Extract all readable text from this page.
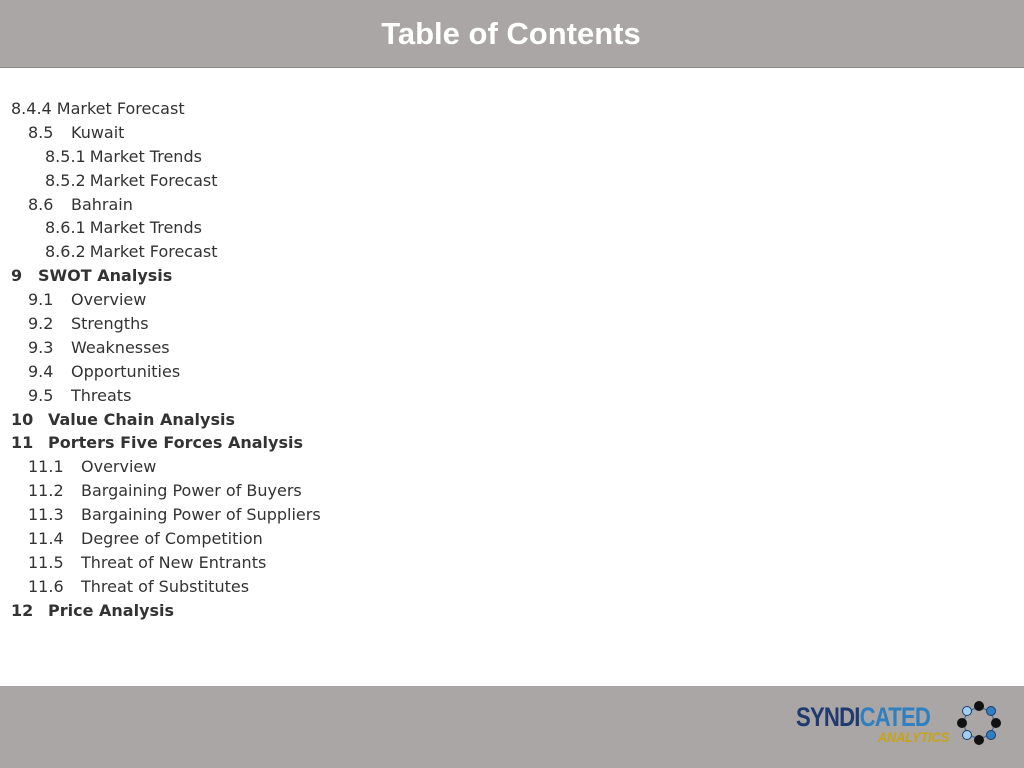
Table of Contents
8.4.4 Market Forecast
8.5 Kuwait
8.5.1 Market Trends
8.5.2 Market Forecast
8.6 Bahrain
8.6.1 Market Trends
8.6.2 Market Forecast
9 SWOT Analysis
9.1 Overview
9.2 Strengths
9.3 Weaknesses
9.4 Opportunities
9.5 Threats
10 Value Chain Analysis
11 Porters Five Forces Analysis
11.1 Overview
11.2 Bargaining Power of Buyers
11.3 Bargaining Power of Suppliers
11.4 Degree of Competition
11.5 Threat of New Entrants
11.6 Threat of Substitutes
12 Price Analysis
SYNDICATED
ANALYTICS
